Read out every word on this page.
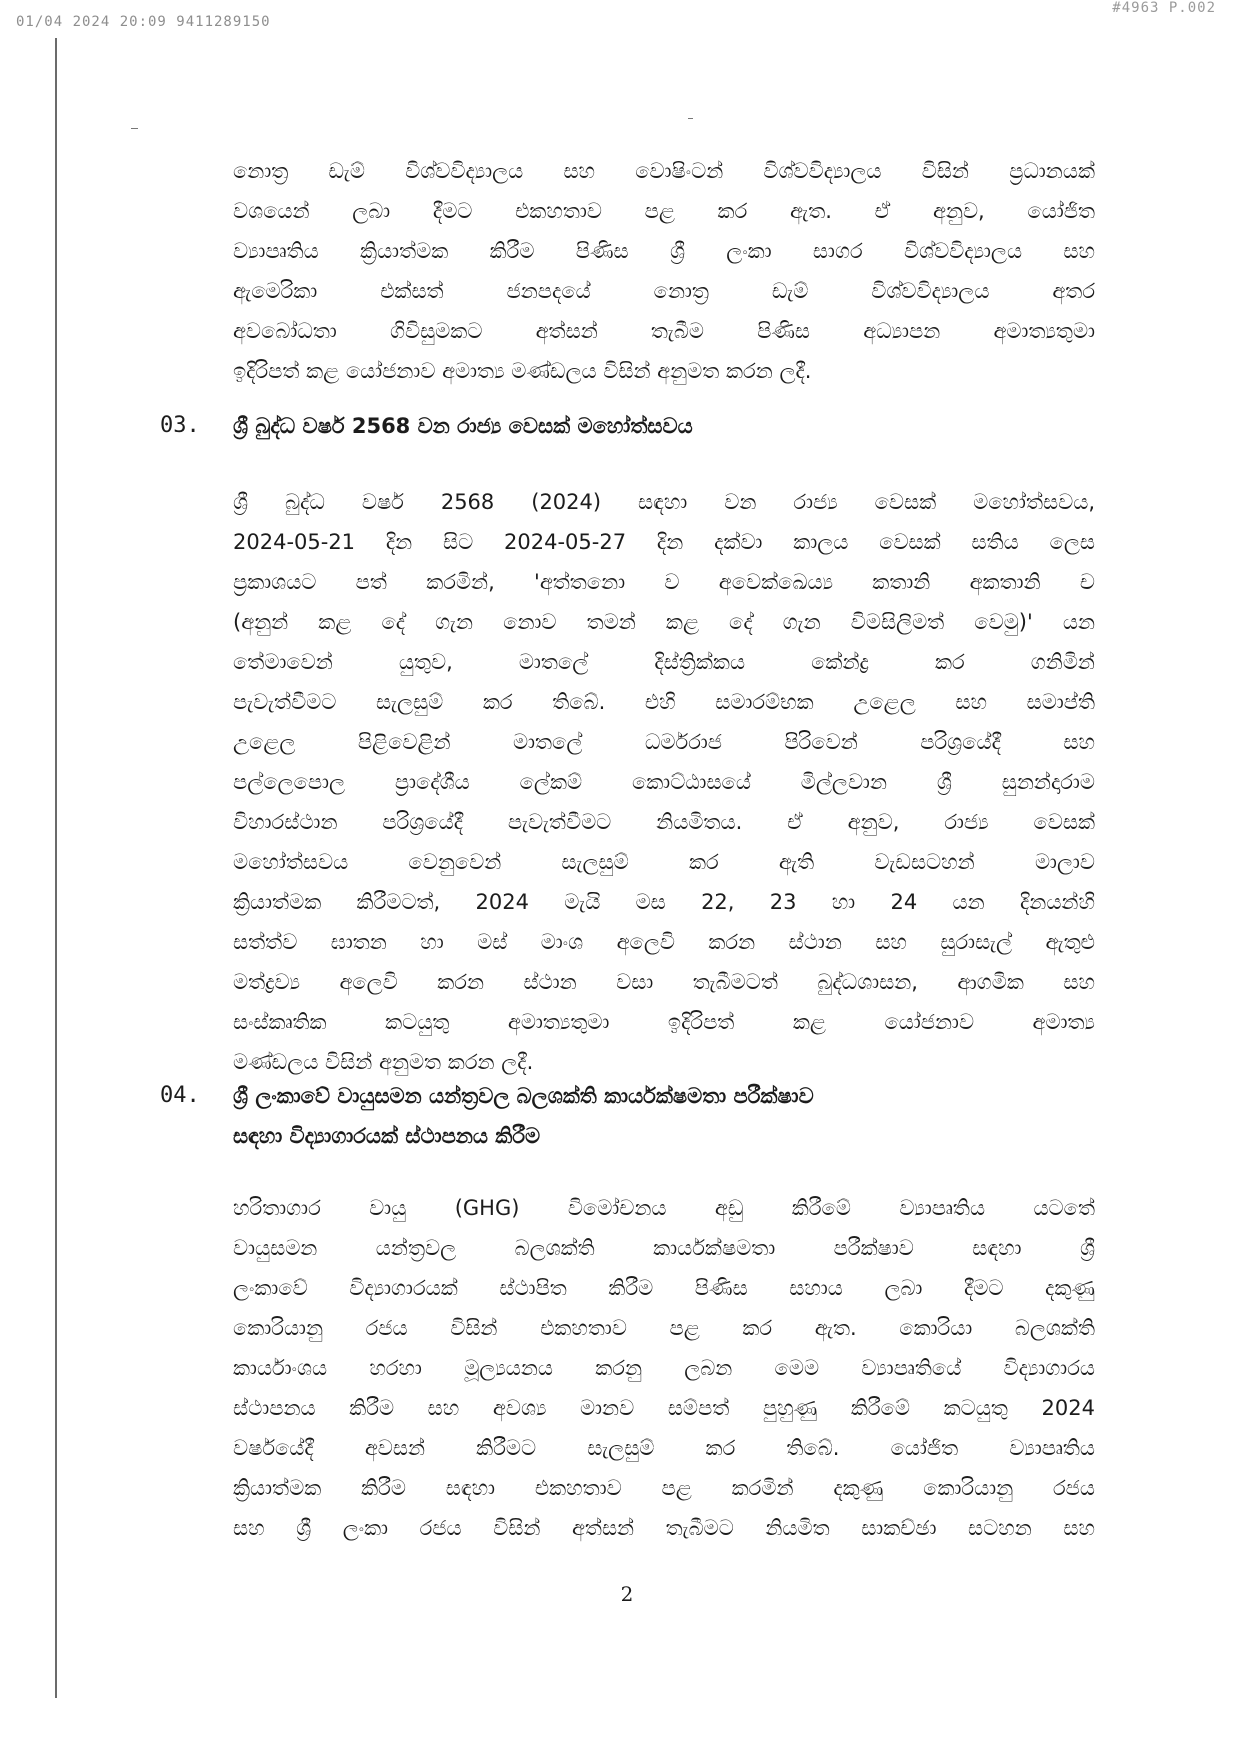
01/04 2024 20:09 9411289150
#4963 P.002
නොත්‍ර ඩැම් විශ්වවිද්‍යාලය සහ වොෂිංටන් විශ්වවිද්‍යාලය විසින් ප්‍රධානයක්
වශයෙන් ලබා දීමට එකහතාව පළ කර ඇත. ඒ අනුව, යෝජිත
ව්‍යාපෘතිය ක්‍රියාත්මක කිරීම පිණිස ශ්‍රී ලංකා සාගර විශ්වවිද්‍යාලය සහ
ඇමෙරිකා එක්සත් ජනපදයේ නොත්‍ර ඩැම් විශ්වවිද්‍යාලය අතර
අවබෝධතා ගිවිසුමකට අත්සන් තැබීම පිණිස අධ්‍යාපන අමාත්‍යතුමා
ඉදිරිපත් කළ යෝජනාව අමාත්‍ය මණ්ඩලය විසින් අනුමත කරන ලදී.
03. ශ්‍රී බුද්ධ වර්ෂ 2568 වන රාජ්‍ය වෙසක් මහෝත්සවය
ශ්‍රී බුද්ධ වර්ෂ 2568 (2024) සඳහා වන රාජ්‍ය වෙසක් මහෝත්සවය,
2024-05-21 දින සිට 2024-05-27 දින දක්වා කාලය වෙසක් සතිය ලෙස
ප්‍රකාශයට පත් කරමින්, 'අත්තනො ව අවෙක්ඛෙය්‍ය කතානි අකතානි ච
(අනුන් කළ දේ ගැන නොව තමන් කළ දේ ගැන විමසිලිමත් වෙමු)' යන
තේමාවෙන් යුතුව, මාතලේ දිස්ත්‍රික්කය කේන්ද්‍ර කර ගනිමින්
පැවැත්වීමට සැලසුම් කර තිබේ. එහි සමාරම්භක උළෙල සහ සමාප්ති
උළෙල පිළිවෙළින් මාතලේ ධර්මරාජ පිරිවෙන් පරිශ්‍රයේදී සහ
පල්ලෙපොල ප්‍රාදේශීය ලේකම් කොට්ඨාසයේ මිල්ලවාන ශ්‍රී සුනන්දාරාම
විහාරස්ථාන පරිශ්‍රයේදී පැවැත්වීමට නියමිතය. ඒ අනුව, රාජ්‍ය වෙසක්
මහෝත්සවය වෙනුවෙන් සැලසුම් කර ඇති වැඩසටහන් මාලාව
ක්‍රියාත්මක කිරීමටත්, 2024 මැයි මස 22, 23 හා 24 යන දිනයන්හි
සත්ත්ව ඝාතන හා මස් මාංශ අලෙවි කරන ස්ථාන සහ සුරාසැල් ඇතුළු
මත්ද්‍රව්‍ය අලෙවි කරන ස්ථාන වසා තැබීමටත් බුද්ධශාසන, ආගමික සහ
සංස්කෘතික කටයුතු අමාත්‍යතුමා ඉදිරිපත් කළ යෝජනාව අමාත්‍ය
මණ්ඩලය විසින් අනුමත කරන ලදී.
04. ශ්‍රී ලංකාවේ වායුසමන යන්ත්‍රවල බලශක්ති කාර්යක්ෂමතා පරීක්ෂාව
සඳහා විද්‍යාගාරයක් ස්ථාපනය කිරීම
හරිතාගාර වායු (GHG) විමෝචනය අඩු කිරීමේ ව්‍යාපෘතිය යටතේ
වායුසමන යන්ත්‍රවල බලශක්ති කාර්යක්ෂමතා පරීක්ෂාව සඳහා ශ්‍රී
ලංකාවේ විද්‍යාගාරයක් ස්ථාපිත කිරීම පිණිස සහාය ලබා දීමට දකුණු
කොරියානු රජය විසින් එකහතාව පළ කර ඇත. කොරියා බලශක්ති
කාර්යාංශය හරහා මූල්‍යයනය කරනු ලබන මෙම ව්‍යාපෘතියේ විද්‍යාගාරය
ස්ථාපනය කිරීම සහ අවශ්‍ය මානව සම්පත් පුහුණු කිරීමේ කටයුතු 2024
වර්ෂයේදී අවසන් කිරීමට සැලසුම් කර තිබේ. යෝජිත ව්‍යාපෘතිය
ක්‍රියාත්මක කිරීම සඳහා එකහතාව පළ කරමින් දකුණු කොරියානු රජය
සහ ශ්‍රී ලංකා රජය විසින් අත්සන් තැබීමට නියමිත සාකච්ඡා සටහන සහ
2
